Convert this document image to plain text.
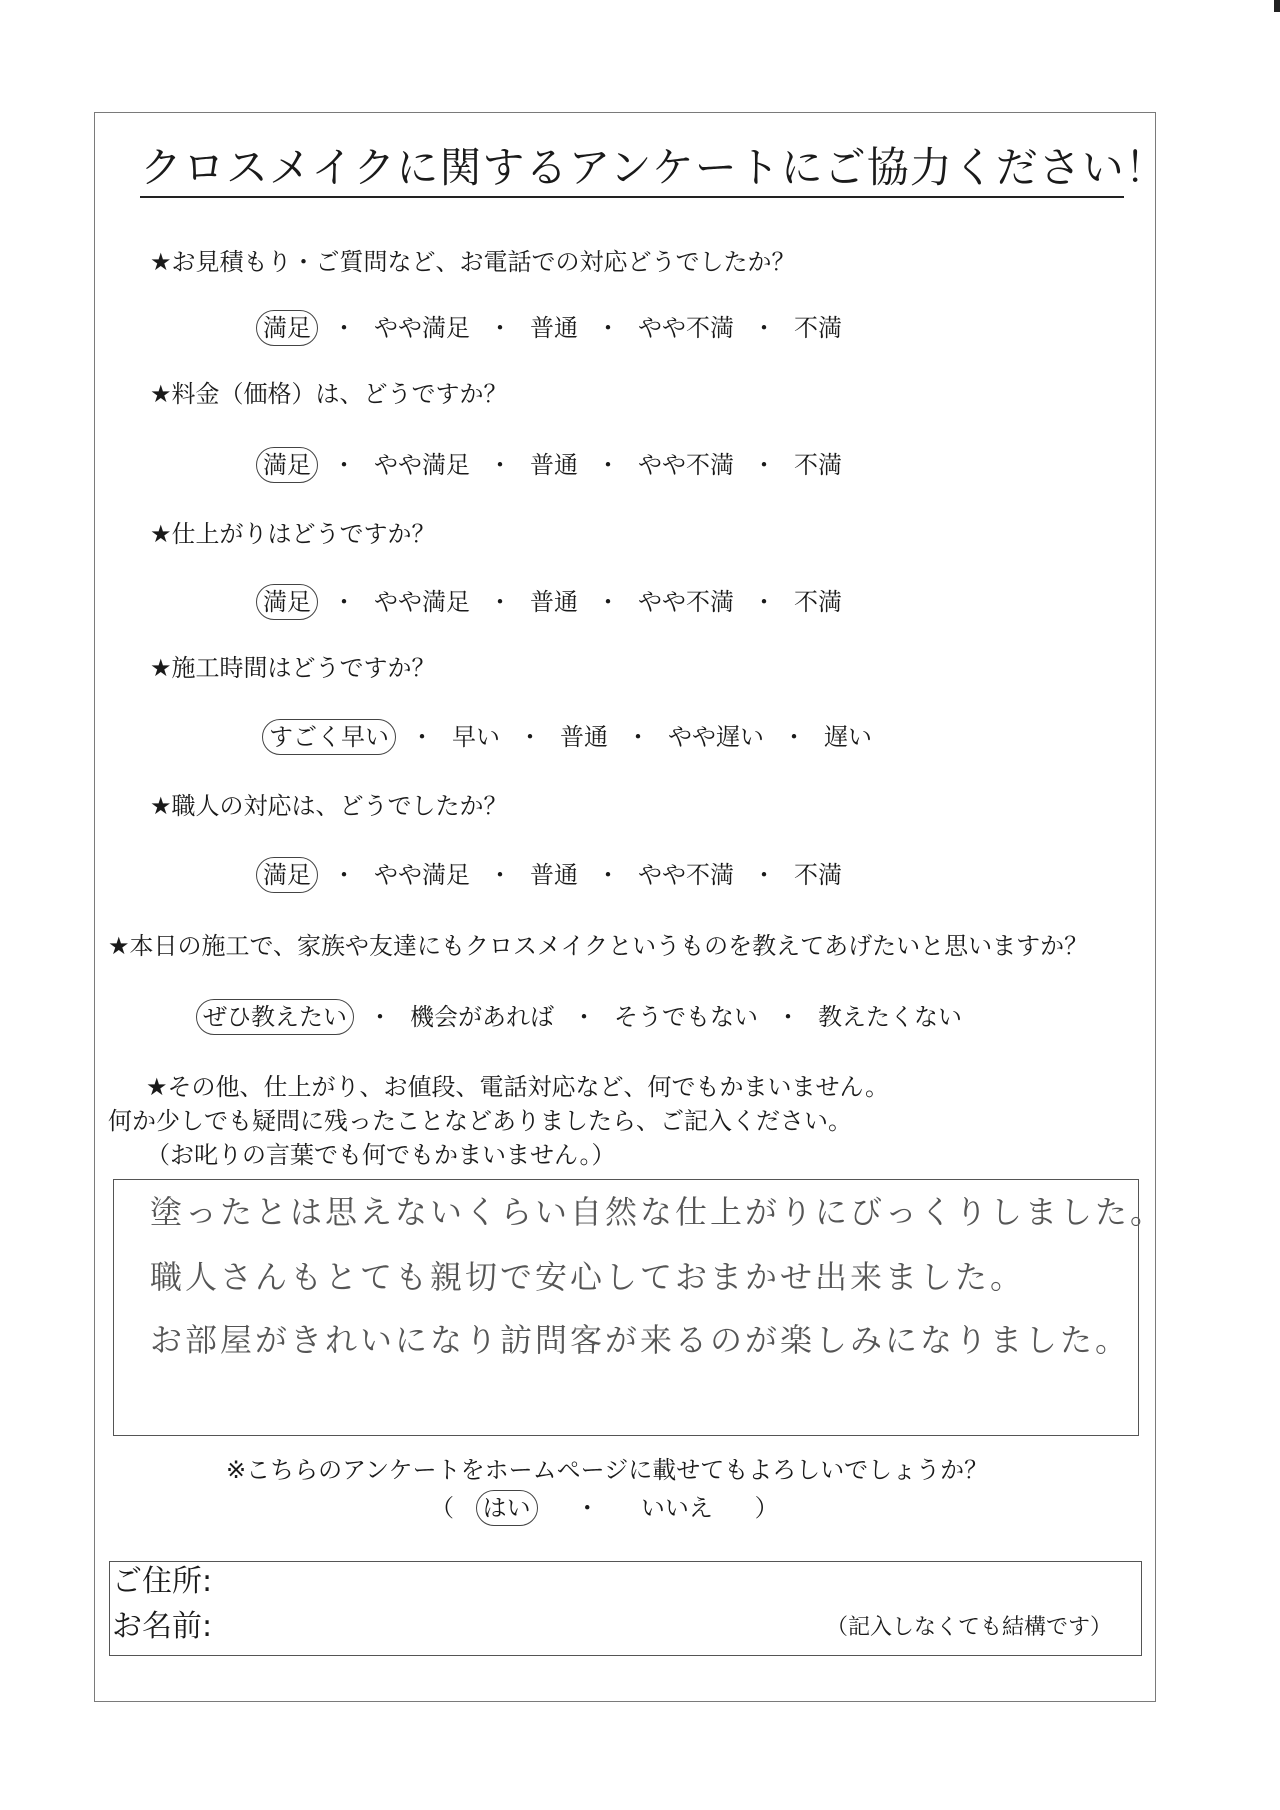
クロスメイクに関するアンケートにご協力ください！
★お見積もり・ご質問など、お電話での対応どうでしたか？
満足 ・ やや満足 ・ 普通 ・ やや不満 ・ 不満
★料金（価格）は、どうですか？
満足 ・ やや満足 ・ 普通 ・ やや不満 ・ 不満
★仕上がりはどうですか？
満足 ・ やや満足 ・ 普通 ・ やや不満 ・ 不満
★施工時間はどうですか？
すごく早い ・ 早い ・ 普通 ・ やや遅い ・ 遅い
★職人の対応は、どうでしたか？
満足 ・ やや満足 ・ 普通 ・ やや不満 ・ 不満
★本日の施工で、家族や友達にもクロスメイクというものを教えてあげたいと思いますか？
ぜひ教えたい ・ 機会があれば ・ そうでもない ・ 教えたくない
★その他、仕上がり、お値段、電話対応など、何でもかまいません。
何か少しでも疑問に残ったことなどありましたら、ご記入ください。
（お叱りの言葉でも何でもかまいません。）
塗ったとは思えないくらい自然な仕上がりにびっくりしました。
職人さんもとても親切で安心しておまかせ出来ました。
お部屋がきれいになり訪問客が来るのが楽しみになりました。
※こちらのアンケートをホームページに載せてもよろしいでしょうか？
（ はい ・ いいえ ）
ご住所:
お名前:	（記入しなくても結構です）
